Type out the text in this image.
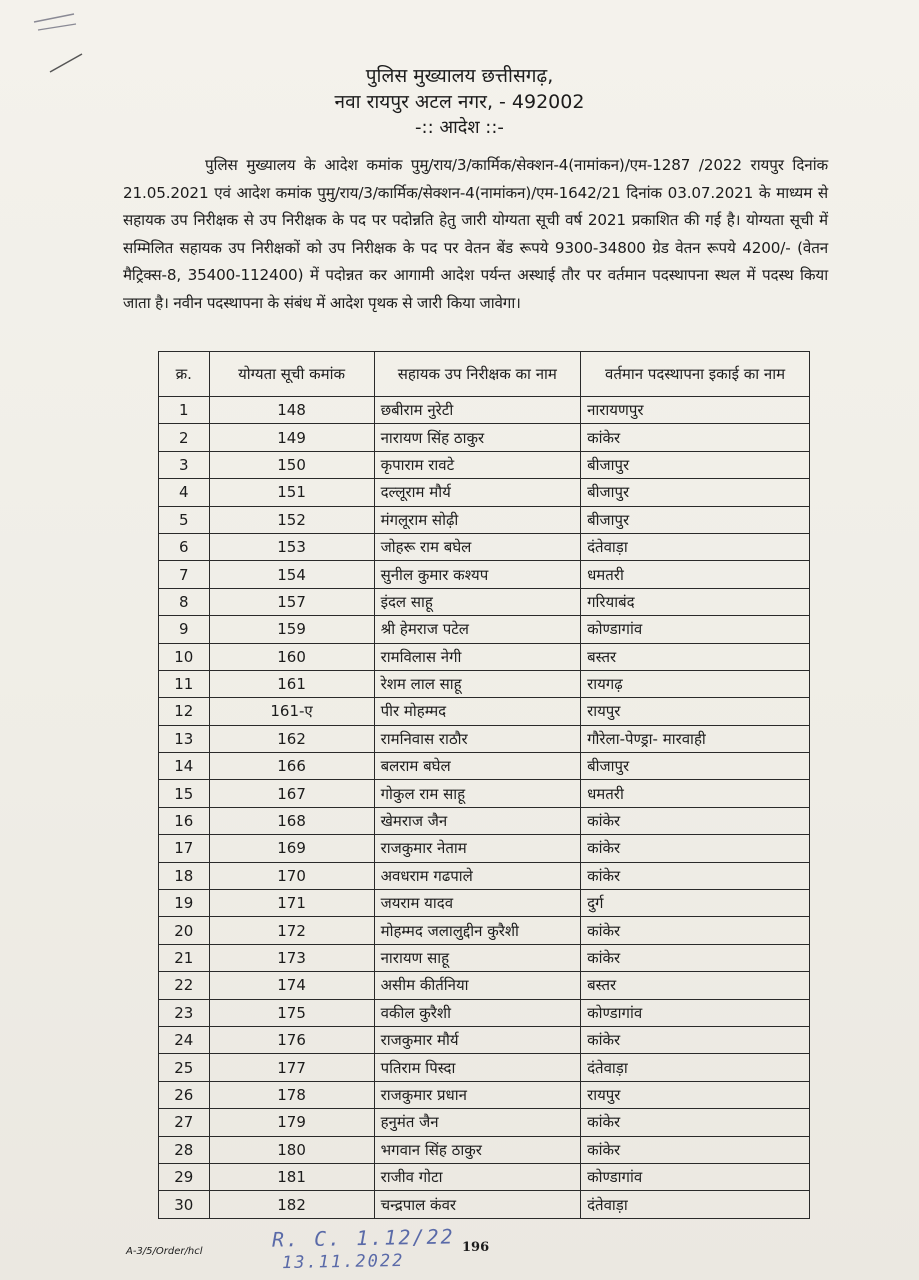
पुलिस मुख्यालय छत्तीसगढ़,
नवा रायपुर अटल नगर, - 492002
-:: आदेश ::-
पुलिस मुख्यालय के आदेश कमांक पुमु/राय/3/कार्मिक/सेक्शन-4(नामांकन)/एम-1287 /2022 रायपुर दिनांक 21.05.2021 एवं आदेश कमांक पुमु/राय/3/कार्मिक/सेक्शन-4(नामांकन)/एम-1642/21 दिनांक 03.07.2021 के माध्यम से सहायक उप निरीक्षक से उप निरीक्षक के पद पर पदोन्नति हेतु जारी योग्यता सूची वर्ष 2021 प्रकाशित की गई है। योग्यता सूची में सम्मिलित सहायक उप निरीक्षकों को उप निरीक्षक के पद पर वेतन बेंड रूपये 9300-34800 ग्रेड वेतन रूपये 4200/- (वेतन मैट्रिक्स-8, 35400-112400) में पदोन्नत कर आगामी आदेश पर्यन्त अस्थाई तौर पर वर्तमान पदस्थापना स्थल में पदस्थ किया जाता है। नवीन पदस्थापना के संबंध में आदेश पृथक से जारी किया जावेगा।
क्र.	योग्यता सूची कमांक	सहायक उप निरीक्षक का नाम	वर्तमान पदस्थापना इकाई का नाम
1	148	छबीराम नुरेटी	नारायणपुर
2	149	नारायण सिंह ठाकुर	कांकेर
3	150	कृपाराम रावटे	बीजापुर
4	151	दल्लूराम मौर्य	बीजापुर
5	152	मंगलूराम सोढ़ी	बीजापुर
6	153	जोहरू राम बघेल	दंतेवाड़ा
7	154	सुनील कुमार कश्यप	धमतरी
8	157	इंदल साहू	गरियाबंद
9	159	श्री हेमराज पटेल	कोण्डागांव
10	160	रामविलास नेगी	बस्तर
11	161	रेशम लाल साहू	रायगढ़
12	161-ए	पीर मोहम्मद	रायपुर
13	162	रामनिवास राठौर	गौरेला-पेण्ड्रा- मारवाही
14	166	बलराम बघेल	बीजापुर
15	167	गोकुल राम साहू	धमतरी
16	168	खेमराज जैन	कांकेर
17	169	राजकुमार नेताम	कांकेर
18	170	अवधराम गढपाले	कांकेर
19	171	जयराम यादव	दुर्ग
20	172	मोहम्मद जलालुद्दीन कुरैशी	कांकेर
21	173	नारायण साहू	कांकेर
22	174	असीम कीर्तनिया	बस्तर
23	175	वकील कुरैशी	कोण्डागांव
24	176	राजकुमार मौर्य	कांकेर
25	177	पतिराम पिस्दा	दंतेवाड़ा
26	178	राजकुमार प्रधान	रायपुर
27	179	हनुमंत जैन	कांकेर
28	180	भगवान सिंह ठाकुर	कांकेर
29	181	राजीव गोटा	कोण्डागांव
30	182	चन्द्रपाल कंवर	दंतेवाड़ा
R. C. 1.12/22
13.11.2022
196
A-3/5/Order/hcl
